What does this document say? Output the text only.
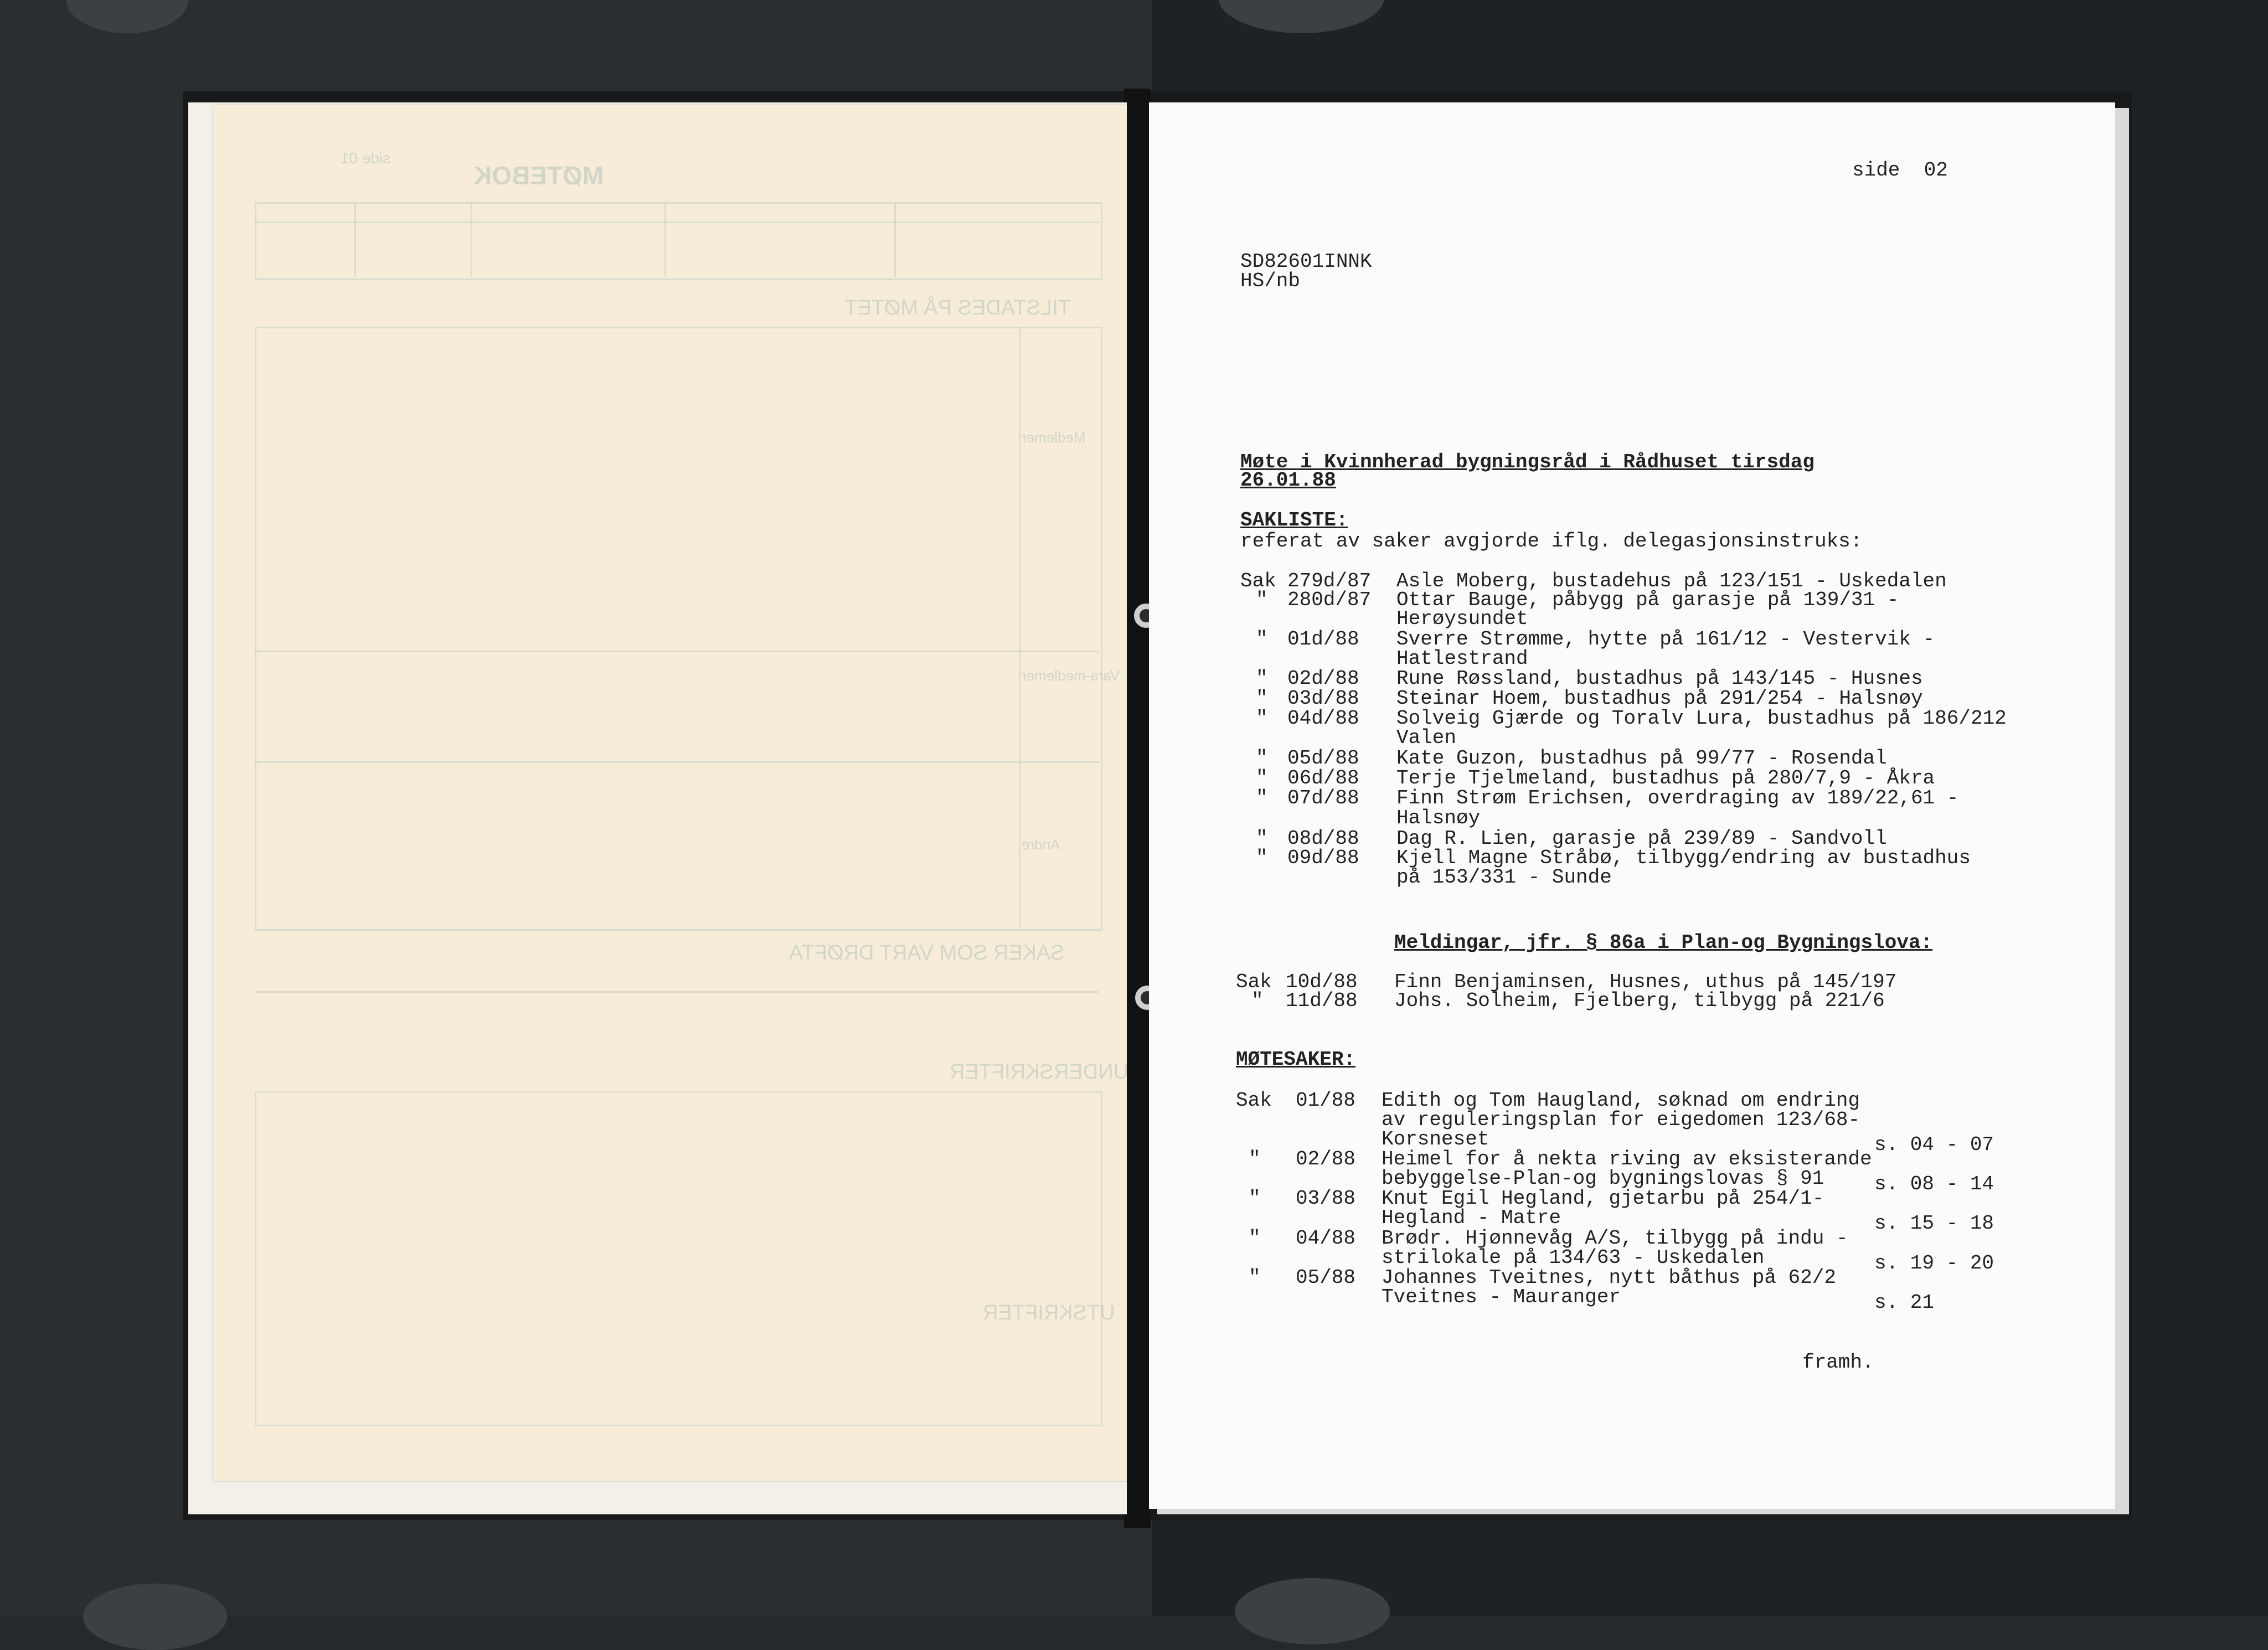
MØTEBOK
side 01
TILSTADES PÅ MØTET
Medlemer
Vara-medlemer
Andre
SAKER SOM VART DRØFTA
UNDERSKRIFTER
UTSKRIFTER
side 02
SD82601INNK
HS/nb
Møte i Kvinnherad bygningsråd i Rådhuset tirsdag
26.01.88
SAKLISTE:
referat av saker avgjorde iflg. delegasjonsinstruks:
Sak 279d/87 Asle Moberg, bustadehus på 123/151 - Uskedalen
" 280d/87 Ottar Bauge, påbygg på garasje på 139/31 -
Herøysundet
" 01d/88 Sverre Strømme, hytte på 161/12 - Vestervik -
Hatlestrand
" 02d/88 Rune Røssland, bustadhus på 143/145 - Husnes
" 03d/88 Steinar Hoem, bustadhus på 291/254 - Halsnøy
" 04d/88 Solveig Gjærde og Toralv Lura, bustadhus på 186/212
Valen
" 05d/88 Kate Guzon, bustadhus på 99/77 - Rosendal
" 06d/88 Terje Tjelmeland, bustadhus på 280/7,9 - Åkra
" 07d/88 Finn Strøm Erichsen, overdraging av 189/22,61 -
Halsnøy
" 08d/88 Dag R. Lien, garasje på 239/89 - Sandvoll
" 09d/88 Kjell Magne Stråbø, tilbygg/endring av bustadhus
på 153/331 - Sunde
Meldingar, jfr. § 86a i Plan-og Bygningslova:
Sak 10d/88 Finn Benjaminsen, Husnes, uthus på 145/197
" 11d/88 Johs. Solheim, Fjelberg, tilbygg på 221/6
MØTESAKER:
Sak 01/88 Edith og Tom Haugland, søknad om endring
av reguleringsplan for eigedomen 123/68-
Korsneset	s. 04 - 07
" 02/88 Heimel for å nekta riving av eksisterande
bebyggelse-Plan-og bygningslovas § 91	s. 08 - 14
" 03/88 Knut Egil Hegland, gjetarbu på 254/1-
Hegland - Matre	s. 15 - 18
" 04/88 Brødr. Hjønnevåg A/S, tilbygg på indu -
strilokale på 134/63 - Uskedalen	s. 19 - 20
" 05/88 Johannes Tveitnes, nytt båthus på 62/2
Tveitnes - Mauranger	s. 21
framh.
